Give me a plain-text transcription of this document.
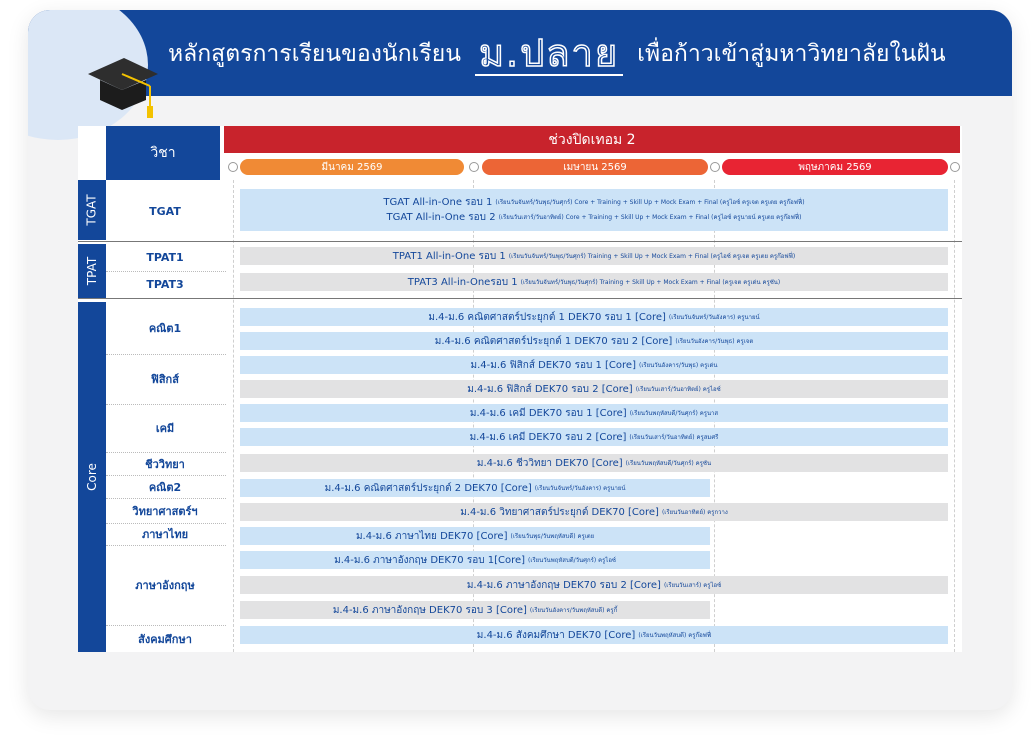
หลักสูตรการเรียนของนักเรียน ม.ปลาย เพื่อก้าวเข้าสู่มหาวิทยาลัยในฝัน
วิชา
ช่วงปิดเทอม 2
มีนาคม 2569	เมษายน 2569	พฤษภาคม 2569
TGAT
TPAT
Core
TGAT
TPAT1
TPAT3
คณิต1
ฟิสิกส์
เคมี
ชีววิทยา
คณิต2
วิทยาศาสตร์ฯ
ภาษาไทย
ภาษาอังกฤษ
สังคมศึกษา
TGAT All-in-One รอบ 1 (เรียนวันจันทร์/วันพุธ/วันศุกร์) Core + Training + Skill Up + Mock Exam + Final (ครูไอซ์ ครูเจต ครูเตย ครูก๊อฟฟี่)
TGAT All-in-One รอบ 2 (เรียนวันเสาร์/วันอาทิตย์) Core + Training + Skill Up + Mock Exam + Final (ครูไอซ์ ครูนายน์ ครูเตย ครูก๊อฟฟี่)
TPAT1 All-in-One รอบ 1 (เรียนวันจันทร์/วันพุธ/วันศุกร์) Training + Skill Up + Mock Exam + Final (ครูไอซ์ ครูเจต ครูเตย ครูก๊อฟฟี่)
TPAT3 All-in-Oneรอบ 1 (เรียนวันจันทร์/วันพุธ/วันศุกร์) Training + Skill Up + Mock Exam + Final (ครูเจต ครูเด่น ครูซัน)
ม.4-ม.6 คณิตศาสตร์ประยุกต์ 1 DEK70 รอบ 1 [Core] (เรียนวันจันทร์/วันอังคาร) ครูนายน์
ม.4-ม.6 คณิตศาสตร์ประยุกต์ 1 DEK70 รอบ 2 [Core] (เรียนวันอังคาร/วันพุธ) ครูเจต
ม.4-ม.6 ฟิสิกส์ DEK70 รอบ 1 [Core] (เรียนวันอังคาร/วันพุธ) ครูเด่น
ม.4-ม.6 ฟิสิกส์ DEK70 รอบ 2 [Core] (เรียนวันเสาร์/วันอาทิตย์) ครูไอซ์
ม.4-ม.6 เคมี DEK70 รอบ 1 [Core] (เรียนวันพฤหัสบดี/วันศุกร์) ครูนาส
ม.4-ม.6 เคมี DEK70 รอบ 2 [Core] (เรียนวันเสาร์/วันอาทิตย์) ครูสมศรี
ม.4-ม.6 ชีววิทยา DEK70 [Core] (เรียนวันพฤหัสบดี/วันศุกร์) ครูซัน
ม.4-ม.6 คณิตศาสตร์ประยุกต์ 2 DEK70 [Core] (เรียนวันจันทร์/วันอังคาร) ครูนายน์
ม.4-ม.6 วิทยาศาสตร์ประยุกต์ DEK70 [Core] (เรียนวันอาทิตย์) ครูกวาง
ม.4-ม.6 ภาษาไทย DEK70 [Core] (เรียนวันพุธ/วันพฤหัสบดี) ครูเตย
ม.4-ม.6 ภาษาอังกฤษ DEK70 รอบ 1[Core] (เรียนวันพฤหัสบดี/วันศุกร์) ครูไอซ์
ม.4-ม.6 ภาษาอังกฤษ DEK70 รอบ 2 [Core] (เรียนวันเสาร์) ครูไอซ์
ม.4-ม.6 ภาษาอังกฤษ DEK70 รอบ 3 [Core] (เรียนวันอังคาร/วันพฤหัสบดี) ครูกี้
ม.4-ม.6 สังคมศึกษา DEK70 [Core] (เรียนวันพฤหัสบดี) ครูก๊อฟฟี่
